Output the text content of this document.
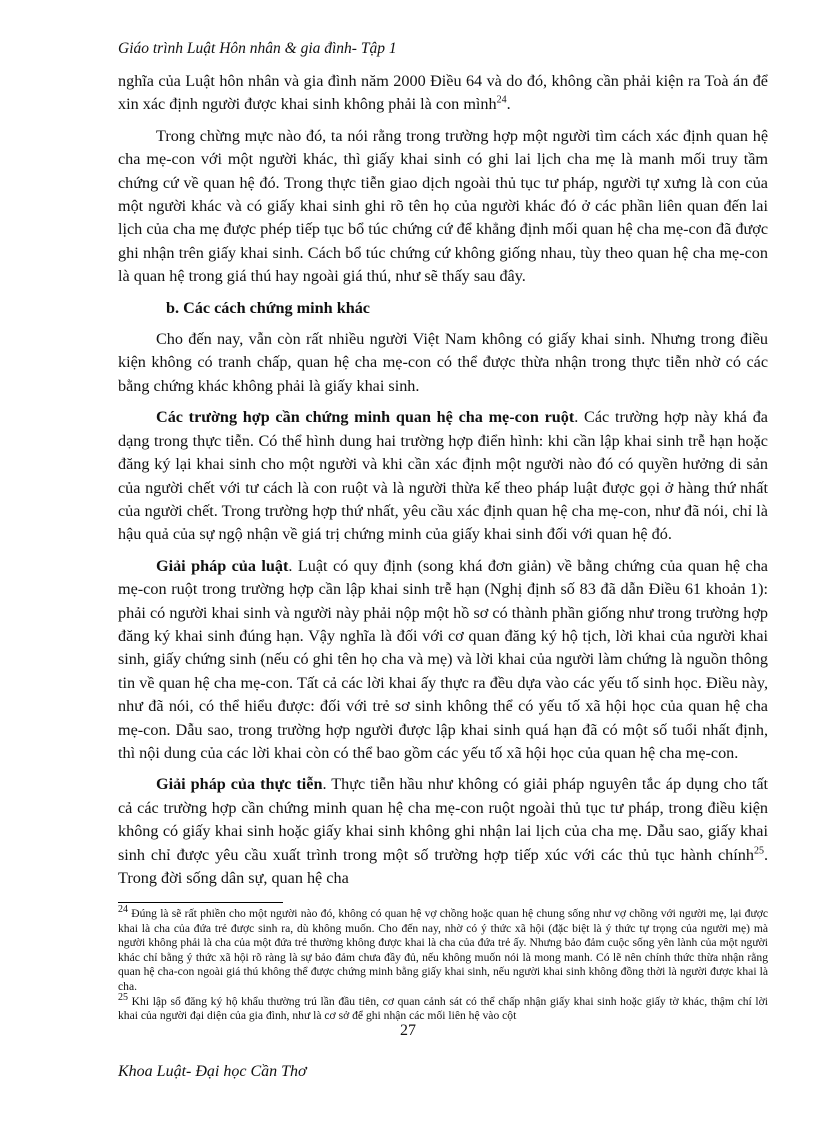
Giáo trình Luật Hôn nhân & gia đình- Tập 1

nghĩa của Luật hôn nhân và gia đình năm 2000 Điều 64 và do đó, không cần phải kiện ra Toà án để xin xác định người được khai sinh không phải là con mình$^{24}$.

Trong chừng mực nào đó, ta nói rằng trong trường hợp một người tìm cách xác định quan hệ cha mẹ-con với một người khác, thì giấy khai sinh có ghi lai lịch cha mẹ là manh mối truy tầm chứng cứ về quan hệ đó. Trong thực tiễn giao dịch ngoài thủ tục tư pháp, người tự xưng là con của một người khác và có giấy khai sinh ghi rõ tên họ của người khác đó ở các phần liên quan đến lai lịch của cha mẹ được phép tiếp tục bổ túc chứng cứ để khẳng định mối quan hệ cha mẹ-con đã được ghi nhận trên giấy khai sinh. Cách bổ túc chứng cứ không giống nhau, tùy theo quan hệ cha mẹ-con là quan hệ trong giá thú hay ngoài giá thú, như sẽ thấy sau đây.

b. Các cách chứng minh khác

Cho đến nay, vẫn còn rất nhiều người Việt Nam không có giấy khai sinh. Nhưng trong điều kiện không có tranh chấp, quan hệ cha mẹ-con có thể được thừa nhận trong thực tiễn nhờ có các bằng chứng khác không phải là giấy khai sinh.

Các trường hợp cần chứng minh quan hệ cha mẹ-con ruột. Các trường hợp này khá đa dạng trong thực tiễn. Có thể hình dung hai trường hợp điển hình: khi cần lập khai sinh trễ hạn hoặc đăng ký lại khai sinh cho một người và khi cần xác định một người nào đó có quyền hưởng di sản của người chết với tư cách là con ruột và là người thừa kế theo pháp luật được gọi ở hàng thứ nhất của người chết. Trong trường hợp thứ nhất, yêu cầu xác định quan hệ cha mẹ-con, như đã nói, chỉ là hậu quả của sự ngộ nhận về giá trị chứng minh của giấy khai sinh đối với quan hệ đó.

Giải pháp của luật. Luật có quy định (song khá đơn giản) về bằng chứng của quan hệ cha mẹ-con ruột trong trường hợp cần lập khai sinh trễ hạn (Nghị định số 83 đã dẫn Điều 61 khoản 1): phải có người khai sinh và người này phải nộp một hồ sơ có thành phần giống như trong trường hợp đăng ký khai sinh đúng hạn. Vậy nghĩa là đối với cơ quan đăng ký hộ tịch, lời khai của người khai sinh, giấy chứng sinh (nếu có ghi tên họ cha và mẹ) và lời khai của người làm chứng là nguồn thông tin về quan hệ cha mẹ-con. Tất cả các lời khai ấy thực ra đều dựa vào các yếu tố sinh học. Điều này, như đã nói, có thể hiểu được: đối với trẻ sơ sinh không thể có yếu tố xã hội học của quan hệ cha mẹ-con. Dẫu sao, trong trường hợp người được lập khai sinh quá hạn đã có một số tuổi nhất định, thì nội dung của các lời khai còn có thể bao gồm các yếu tố xã hội học của quan hệ cha mẹ-con.

Giải pháp của thực tiễn. Thực tiễn hầu như không có giải pháp nguyên tắc áp dụng cho tất cả các trường hợp cần chứng minh quan hệ cha mẹ-con ruột ngoài thủ tục tư pháp, trong điều kiện không có giấy khai sinh hoặc giấy khai sinh không ghi nhận lai lịch của cha mẹ. Dẫu sao, giấy khai sinh chỉ được yêu cầu xuất trình trong một số trường hợp tiếp xúc với các thủ tục hành chính$^{25}$. Trong đời sống dân sự, quan hệ cha

$^{24}$ Đúng là sẽ rất phiền cho một người nào đó, không có quan hệ vợ chồng hoặc quan hệ chung sống như vợ chồng với người mẹ, lại được khai là cha của đứa trẻ được sinh ra, dù không muốn. Cho đến nay, nhờ có ý thức xã hội (đặc biệt là ý thức tự trọng của người mẹ) mà người không phải là cha của một đứa trẻ thường không được khai là cha của đứa trẻ ấy. Nhưng bảo đảm cuộc sống yên lành của một người khác chỉ bằng ý thức xã hội rõ ràng là sự bảo đảm chưa đầy đủ, nếu không muốn nói là mong manh. Có lẽ nên chính thức thừa nhận rằng quan hệ cha-con ngoài giá thú không thể được chứng minh bằng giấy khai sinh, nếu người khai sinh không đồng thời là người được khai là cha.

$^{25}$ Khi lập sổ đăng ký hộ khẩu thường trú lần đầu tiên, cơ quan cảnh sát có thể chấp nhận giấy khai sinh hoặc giấy tờ khác, thậm chí lời khai của người đại diện của gia đình, như là cơ sở để ghi nhận các mối liên hệ vào cột

27
Khoa Luật- Đại học Cần Thơ
